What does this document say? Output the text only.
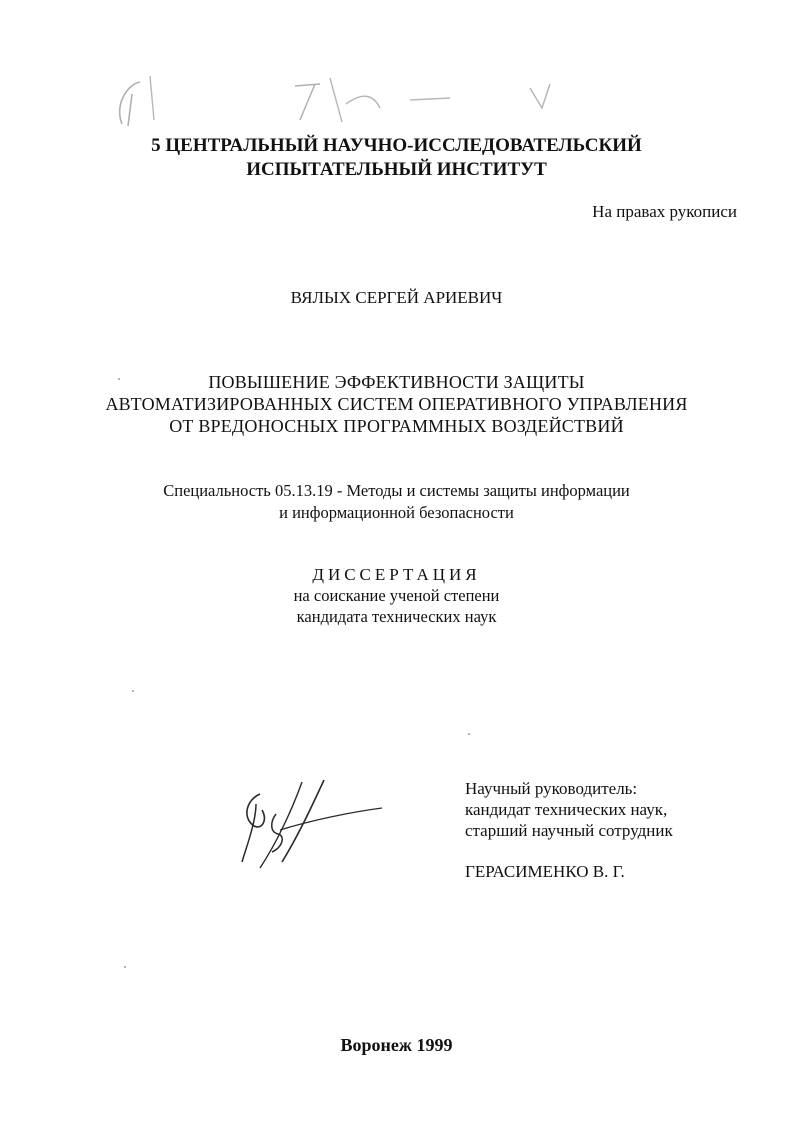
5 ЦЕНТРАЛЬНЫЙ НАУЧНО-ИССЛЕДОВАТЕЛЬСКИЙ
ИСПЫТАТЕЛЬНЫЙ ИНСТИТУТ
На правах рукописи
ВЯЛЫХ СЕРГЕЙ АРИЕВИЧ
ПОВЫШЕНИЕ ЭФФЕКТИВНОСТИ ЗАЩИТЫ
АВТОМАТИЗИРОВАННЫХ СИСТЕМ ОПЕРАТИВНОГО УПРАВЛЕНИЯ
ОТ ВРЕДОНОСНЫХ ПРОГРАММНЫХ ВОЗДЕЙСТВИЙ
Специальность 05.13.19 - Методы и системы защиты информации
и информационной безопасности
ДИССЕРТАЦИЯ
на соискание ученой степени
кандидата технических наук
Научный руководитель:
кандидат технических наук,
старший научный сотрудник
ГЕРАСИМЕНКО В. Г.
Воронеж 1999
